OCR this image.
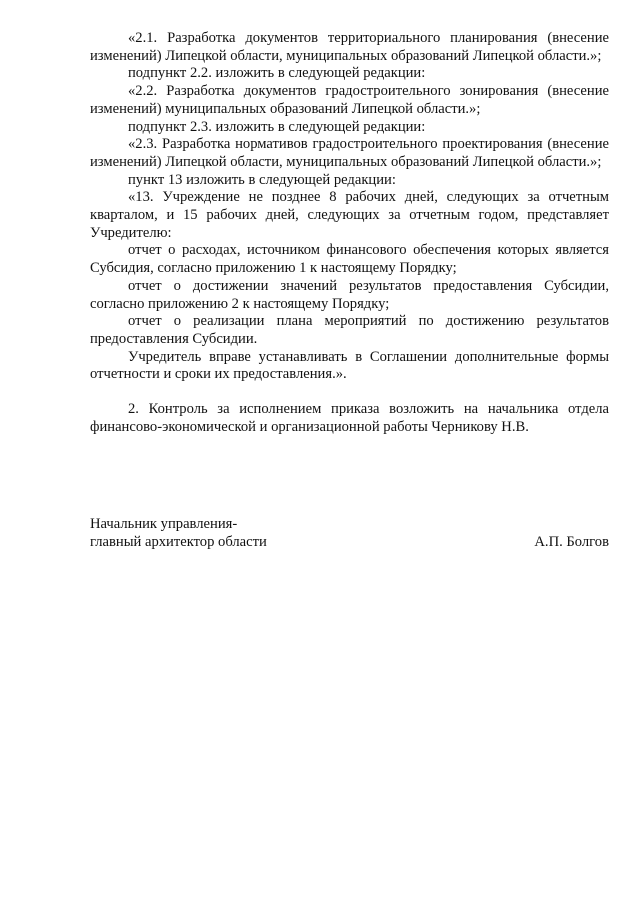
«2.1. Разработка документов территориального планирования (внесение изменений) Липецкой области, муниципальных образований Липецкой области.»;

подпункт 2.2. изложить в следующей редакции:

«2.2. Разработка документов градостроительного зонирования (внесение изменений) муниципальных образований Липецкой области.»;

подпункт 2.3. изложить в следующей редакции:

«2.3. Разработка нормативов градостроительного проектирования (внесение изменений) Липецкой области, муниципальных образований Липецкой области.»;

пункт 13 изложить в следующей редакции:

«13. Учреждение не позднее 8 рабочих дней, следующих за отчетным кварталом, и 15 рабочих дней, следующих за отчетным годом, представляет Учредителю:

отчет о расходах, источником финансового обеспечения которых является Субсидия, согласно приложению 1 к настоящему Порядку;

отчет о достижении значений результатов предоставления Субсидии, согласно приложению 2 к настоящему Порядку;

отчет о реализации плана мероприятий по достижению результатов предоставления Субсидии.

Учредитель вправе устанавливать в Соглашении дополнительные формы отчетности и сроки их предоставления.».

2. Контроль за исполнением приказа возложить на начальника отдела финансово-экономической и организационной работы Черникову Н.В.

Начальник управления-

главный архитектор области	А.П. Болгов
